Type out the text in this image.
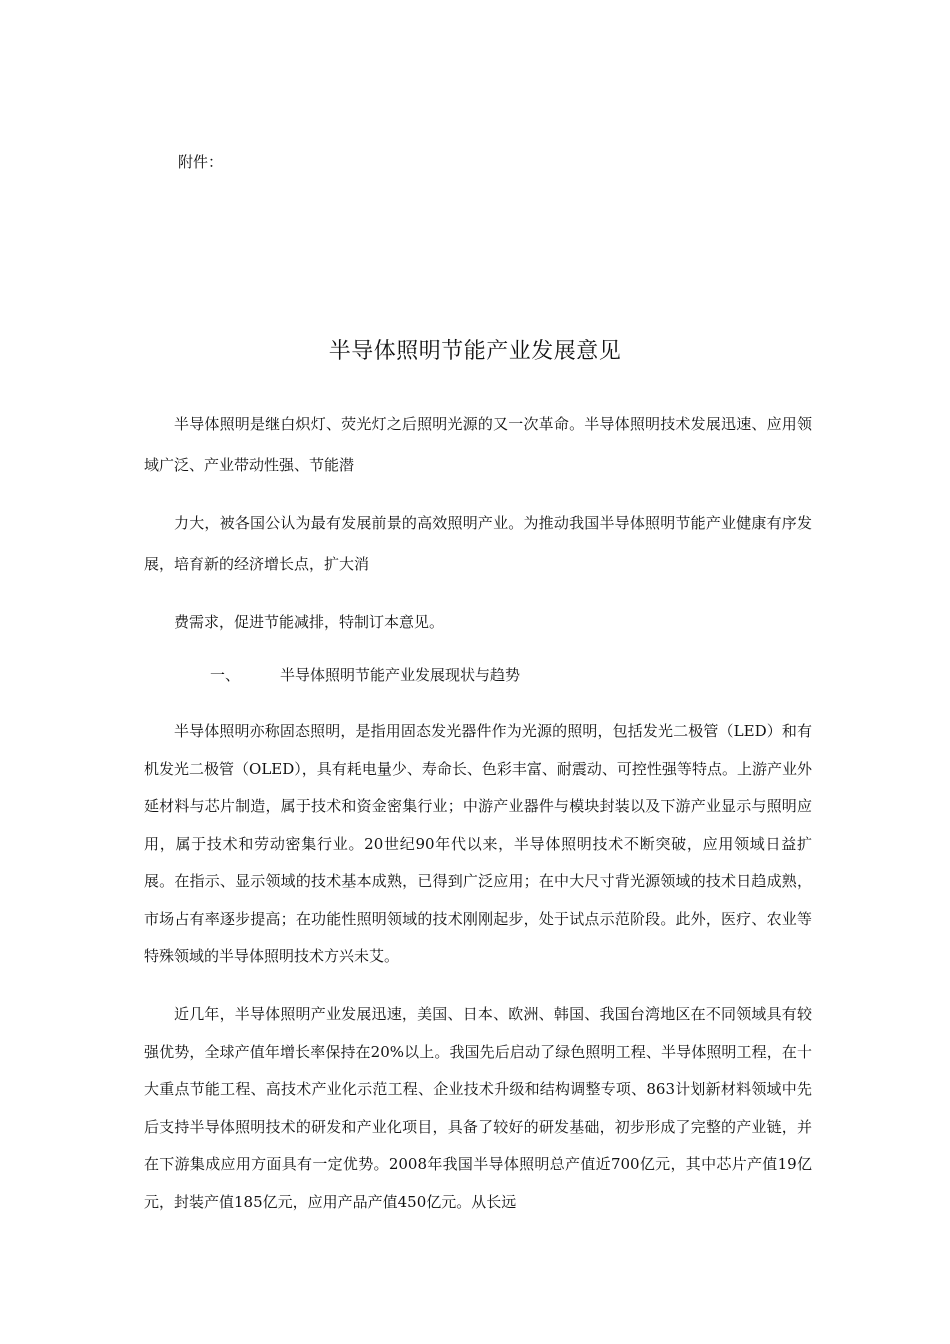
附件：
半导体照明节能产业发展意见

半导体照明是继白炽灯、荧光灯之后照明光源的又一次革命。半导体照明技术发展迅速、应用领域广泛、产业带动性强、节能潜

力大，被各国公认为最有发展前景的高效照明产业。为推动我国半导体照明节能产业健康有序发展，培育新的经济增长点，扩大消

费需求，促进节能减排，特制订本意见。

一、	半导体照明节能产业发展现状与趋势

半导体照明亦称固态照明，是指用固态发光器件作为光源的照明，包括发光二极管（LED）和有机发光二极管（OLED），具有耗电量少、寿命长、色彩丰富、耐震动、可控性强等特点。上游产业外延材料与芯片制造，属于技术和资金密集行业；中游产业器件与模块封装以及下游产业显示与照明应用，属于技术和劳动密集行业。20世纪90年代以来，半导体照明技术不断突破，应用领域日益扩展。在指示、显示领域的技术基本成熟，已得到广泛应用；在中大尺寸背光源领域的技术日趋成熟，市场占有率逐步提高；在功能性照明领域的技术刚刚起步，处于试点示范阶段。此外，医疗、农业等特殊领域的半导体照明技术方兴未艾。

近几年，半导体照明产业发展迅速，美国、日本、欧洲、韩国、我国台湾地区在不同领域具有较强优势，全球产值年增长率保持在20%以上。我国先后启动了绿色照明工程、半导体照明工程，在十大重点节能工程、高技术产业化示范工程、企业技术升级和结构调整专项、863计划新材料领域中先后支持半导体照明技术的研发和产业化项目，具备了较好的研发基础，初步形成了完整的产业链，并在下游集成应用方面具有一定优势。2008年我国半导体照明总产值近700亿元，其中芯片产值19亿元，封装产值185亿元，应用产品产值450亿元。从长远
